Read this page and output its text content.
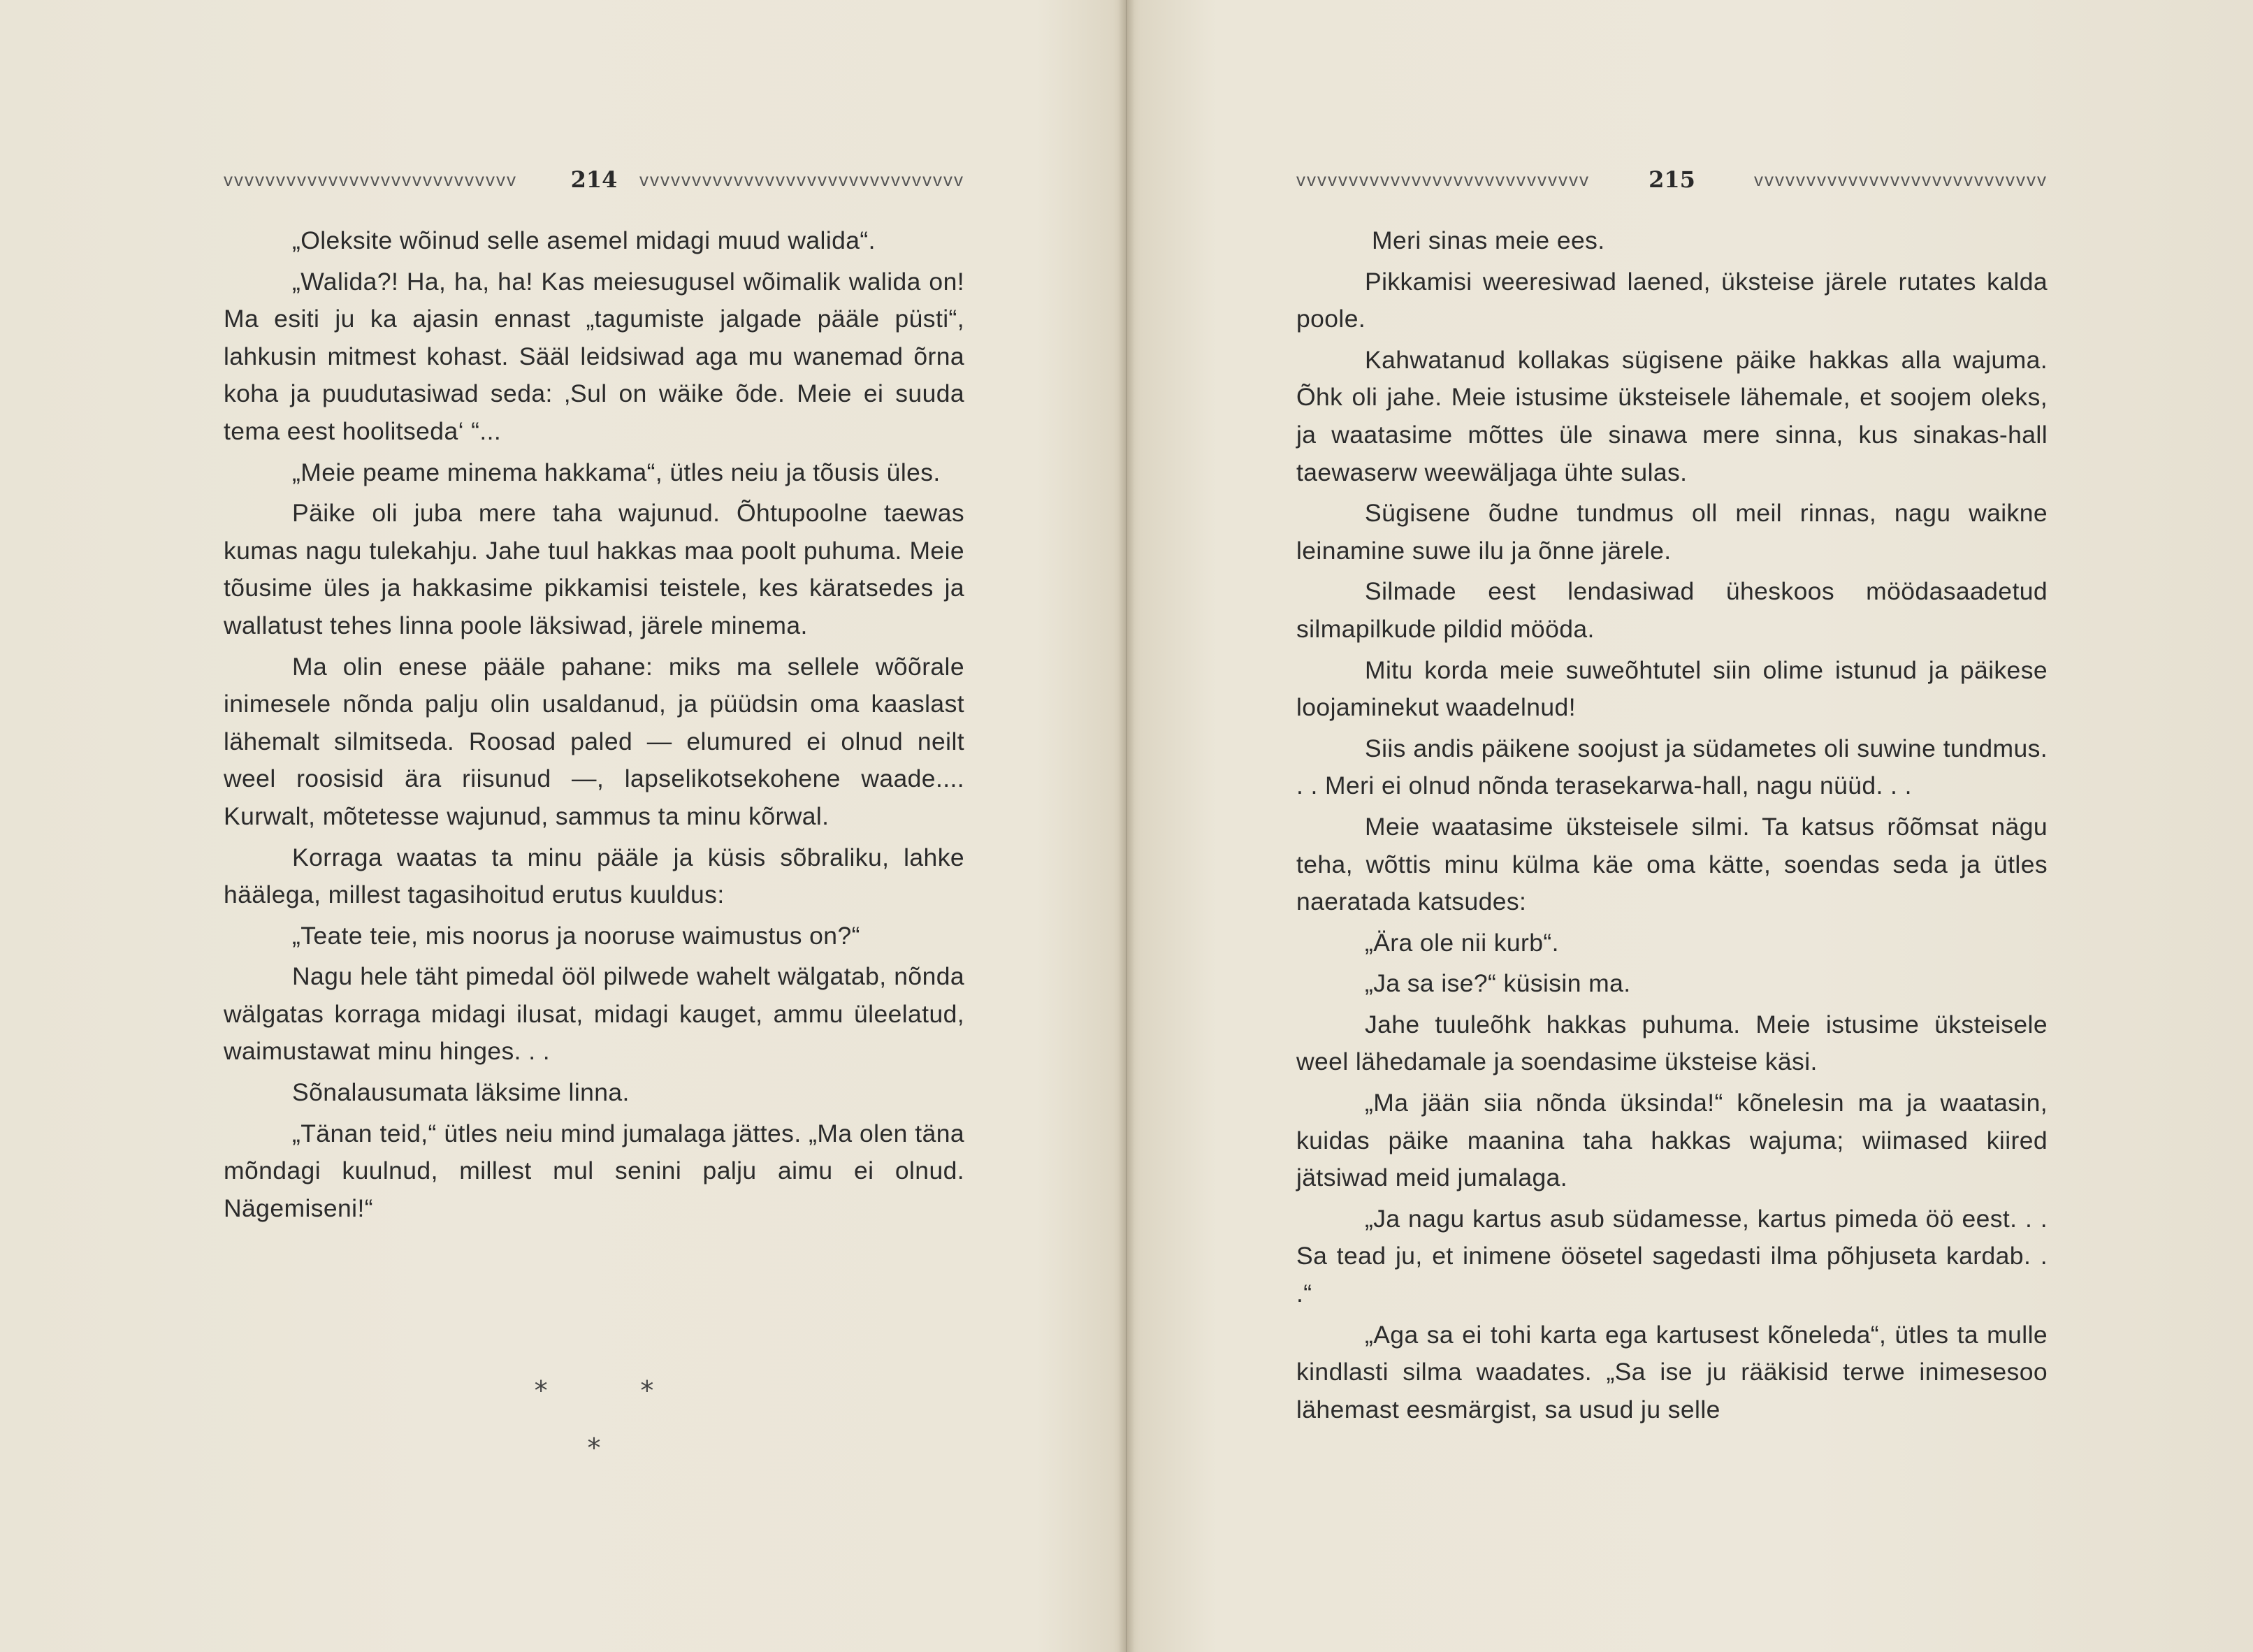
vvvvvvvvvvvvvvvvvvvvvvvvvvvv	214	vvvvvvvvvvvvvvvvvvvvvvvvvvvvvvv

„Oleksite wõinud selle asemel midagi muud walida“.

„Walida?! Ha, ha, ha! Kas meiesugusel wõimalik walida on! Ma esiti ju ka ajasin ennast „tagumiste jalgade pääle püsti“, lahkusin mitmest kohast. Sääl leidsiwad aga mu wanemad õrna koha ja puudutasiwad seda: ‚Sul on wäike õde. Meie ei suuda tema eest hoolitseda‘ “...

„Meie peame minema hakkama“, ütles neiu ja tõusis üles.

Päike oli juba mere taha wajunud. Õhtupoolne taewas kumas nagu tulekahju. Jahe tuul hakkas maa poolt puhuma. Meie tõusime üles ja hakkasime pikkamisi teistele, kes käratsedes ja wallatust tehes linna poole läksiwad, järele minema.

Ma olin enese pääle pahane: miks ma sellele wõõrale inimesele nõnda palju olin usaldanud, ja püüdsin oma kaaslast lähemalt silmitseda. Roosad paled — elumured ei olnud neilt weel roosisid ära riisunud —, lapselikotsekohene waade.... Kurwalt, mõtetesse wajunud, sammus ta minu kõrwal.

Korraga waatas ta minu pääle ja küsis sõbraliku, lahke häälega, millest tagasihoitud erutus kuuldus:

„Teate teie, mis noorus ja nooruse waimustus on?“

Nagu hele täht pimedal ööl pilwede wahelt wälgatab, nõnda wälgatas korraga midagi ilusat, midagi kauget, ammu üleelatud, waimustawat minu hinges. . .

Sõnalausumata läksime linna.

„Tänan teid,“ ütles neiu mind jumalaga jättes. „Ma olen täna mõndagi kuulnud, millest mul senini palju aimu ei olnud. Nägemiseni!“

*           *
*
vvvvvvvvvvvvvvvvvvvvvvvvvvvv	215	vvvvvvvvvvvvvvvvvvvvvvvvvvvv

Meri sinas meie ees.

Pikkamisi weeresiwad laened, üksteise järele rutates kalda poole.

Kahwatanud kollakas sügisene päike hakkas alla wajuma. Õhk oli jahe. Meie istusime üksteisele lähemale, et soojem oleks, ja waatasime mõttes üle sinawa mere sinna, kus sinakas-hall taewaserw weewäljaga ühte sulas.

Sügisene õudne tundmus oll meil rinnas, nagu waikne leinamine suwe ilu ja õnne järele.

Silmade eest lendasiwad üheskoos möödasaadetud silmapilkude pildid mööda.

Mitu korda meie suweõhtutel siin olime istunud ja päikese loojaminekut waadelnud!

Siis andis päikene soojust ja südametes oli suwine tundmus. . . Meri ei olnud nõnda terasekarwa-hall, nagu nüüd. . .

Meie waatasime üksteisele silmi. Ta katsus rõõmsat nägu teha, wõttis minu külma käe oma kätte, soendas seda ja ütles naeratada katsudes:

„Ära ole nii kurb“.

„Ja sa ise?“ küsisin ma.

Jahe tuuleõhk hakkas puhuma. Meie istusime üksteisele weel lähedamale ja soendasime üksteise käsi.

„Ma jään siia nõnda üksinda!“ kõnelesin ma ja waatasin, kuidas päike maanina taha hakkas wajuma; wiimased kiired jätsiwad meid jumalaga.

„Ja nagu kartus asub südamesse, kartus pimeda öö eest. . . Sa tead ju, et inimene öösetel sagedasti ilma põhjuseta kardab. . .“

„Aga sa ei tohi karta ega kartusest kõneleda“, ütles ta mulle kindlasti silma waadates. „Sa ise ju rääkisid terwe inimesesoo lähemast eesmärgist, sa usud ju selle
